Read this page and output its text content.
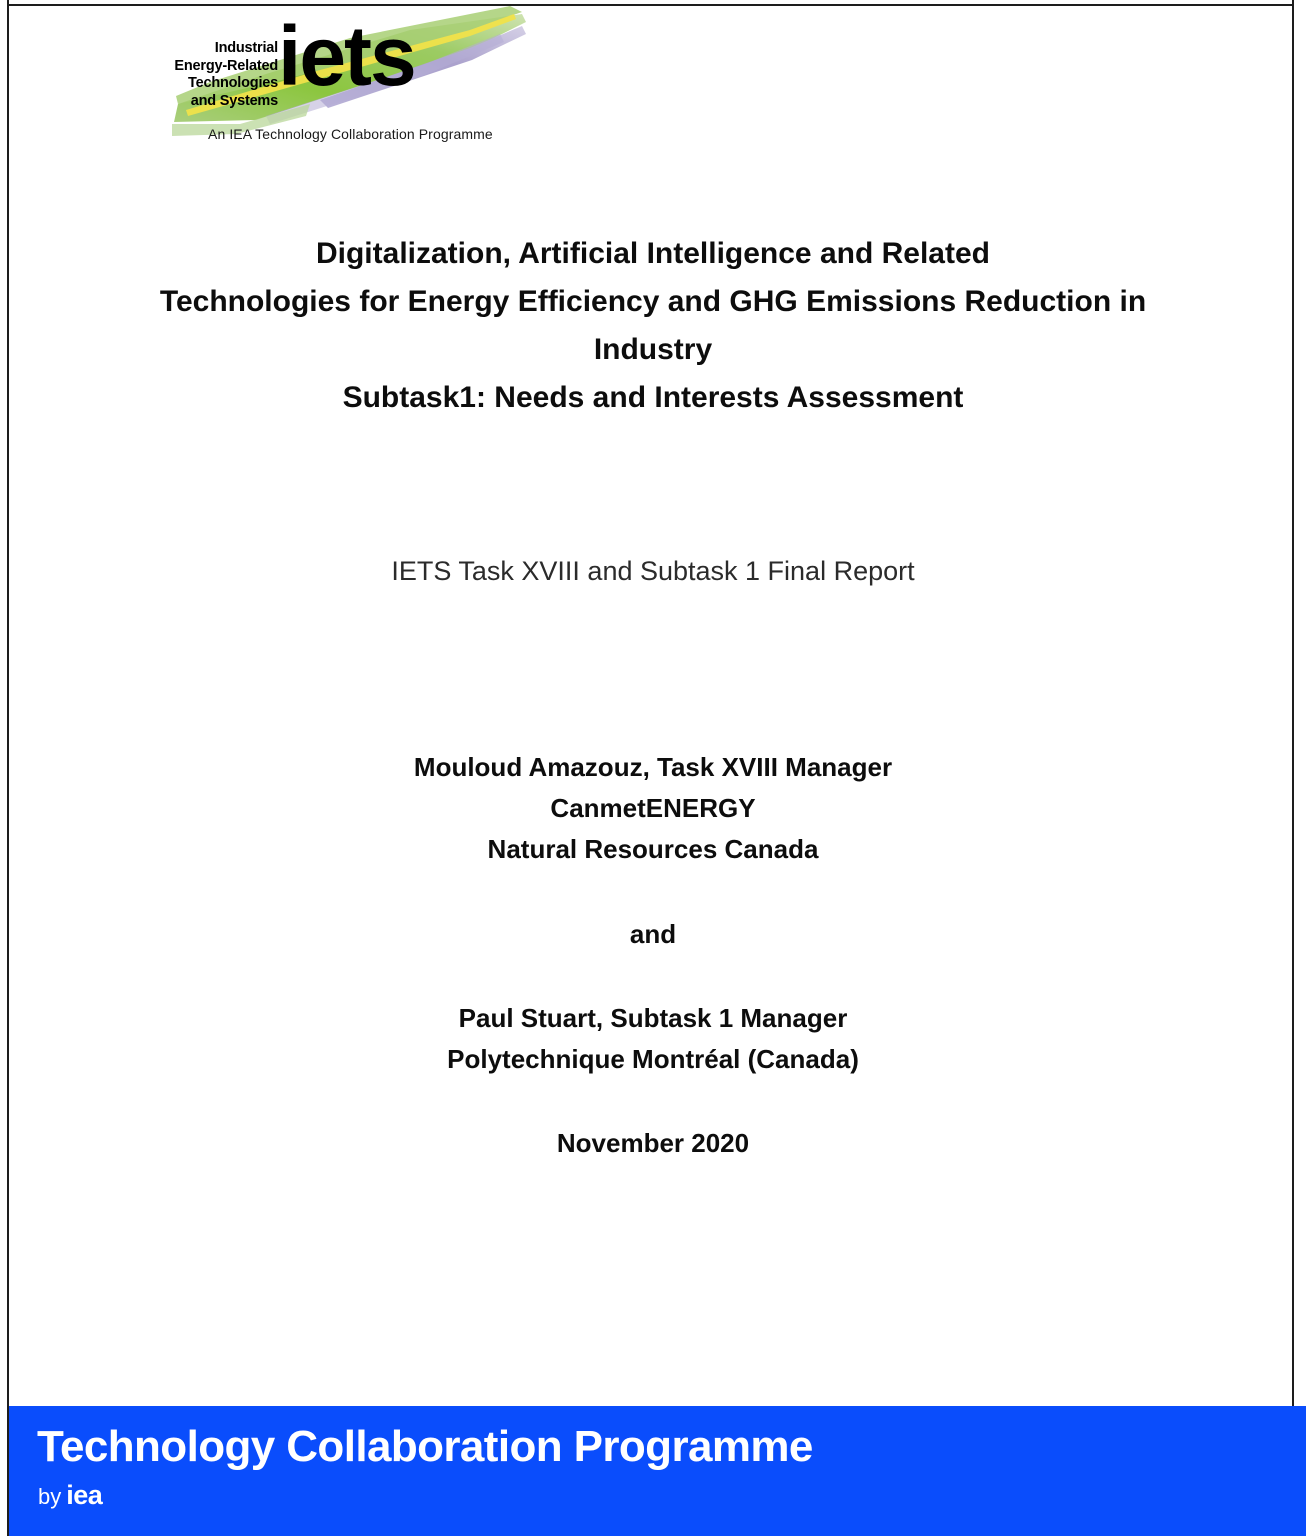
Industrial
Energy-Related
Technologies
and Systems iets
An IEA Technology Collaboration Programme
Digitalization, Artificial Intelligence and Related
Technologies for Energy Efficiency and GHG Emissions Reduction in
Industry
Subtask1: Needs and Interests Assessment
IETS Task XVIII and Subtask 1 Final Report
Mouloud Amazouz, Task XVIII Manager
CanmetENERGY
Natural Resources Canada
and
Paul Stuart, Subtask 1 Manager
Polytechnique Montréal (Canada)
November 2020
Technology Collaboration Programme
by iea
